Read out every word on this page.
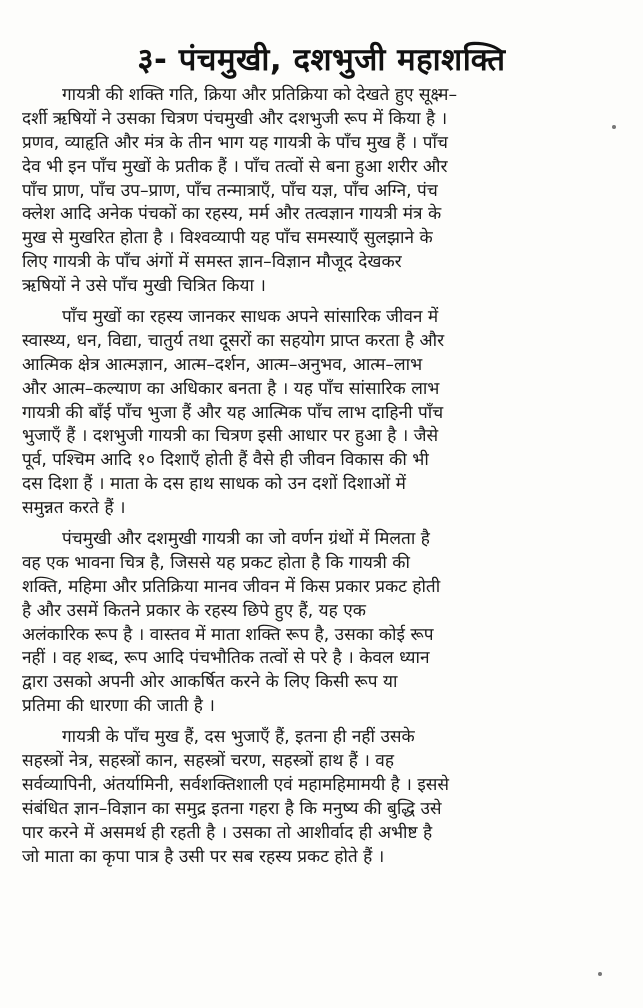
३- पंचमुखी, दशभुजी महाशक्ति
गायत्री की शक्ति गति, क्रिया और प्रतिक्रिया को देखते हुए सूक्ष्म–
दर्शी ऋषियों ने उसका चित्रण पंचमुखी और दशभुजी रूप में किया है ।
प्रणव, व्याहृति और मंत्र के तीन भाग यह गायत्री के पाँच मुख हैं । पाँच
देव भी इन पाँच मुखों के प्रतीक हैं । पाँच तत्वों से बना हुआ शरीर और
पाँच प्राण, पाँच उप–प्राण, पाँच तन्मात्राएँ, पाँच यज्ञ, पाँच अग्नि, पंच
क्लेश आदि अनेक पंचकों का रहस्य, मर्म और तत्वज्ञान गायत्री मंत्र के
मुख से मुखरित होता है । विश्वव्यापी यह पाँच समस्याएँ सुलझाने के
लिए गायत्री के पाँच अंगों में समस्त ज्ञान–विज्ञान मौजूद देखकर
ऋषियों ने उसे पाँच मुखी चित्रित किया ।
पाँच मुखों का रहस्य जानकर साधक अपने सांसारिक जीवन में
स्वास्थ्य, धन, विद्या, चातुर्य तथा दूसरों का सहयोग प्राप्त करता है और
आत्मिक क्षेत्र आत्मज्ञान, आत्म–दर्शन, आत्म–अनुभव, आत्म–लाभ
और आत्म–कल्याण का अधिकार बनता है । यह पाँच सांसारिक लाभ
गायत्री की बाँई पाँच भुजा हैं और यह आत्मिक पाँच लाभ दाहिनी पाँच
भुजाएँ हैं । दशभुजी गायत्री का चित्रण इसी आधार पर हुआ है । जैसे
पूर्व, पश्चिम आदि १० दिशाएँ होती हैं वैसे ही जीवन विकास की भी
दस दिशा हैं । माता के दस हाथ साधक को उन दशों दिशाओं में
समुन्नत करते हैं ।
पंचमुखी और दशमुखी गायत्री का जो वर्णन ग्रंथों में मिलता है
वह एक भावना चित्र है, जिससे यह प्रकट होता है कि गायत्री की
शक्ति, महिमा और प्रतिक्रिया मानव जीवन में किस प्रकार प्रकट होती
है और उसमें कितने प्रकार के रहस्य छिपे हुए हैं, यह एक
अलंकारिक रूप है । वास्तव में माता शक्ति रूप है, उसका कोई रूप
नहीं । वह शब्द, रूप आदि पंचभौतिक तत्वों से परे है । केवल ध्यान
द्वारा उसको अपनी ओर आकर्षित करने के लिए किसी रूप या
प्रतिमा की धारणा की जाती है ।
गायत्री के पाँच मुख हैं, दस भुजाएँ हैं, इतना ही नहीं उसके
सहस्त्रों नेत्र, सहस्त्रों कान, सहस्त्रों चरण, सहस्त्रों हाथ हैं । वह
सर्वव्यापिनी, अंतर्यामिनी, सर्वशक्तिशाली एवं महामहिमामयी है । इससे
संबंधित ज्ञान–विज्ञान का समुद्र इतना गहरा है कि मनुष्य की बुद्धि उसे
पार करने में असमर्थ ही रहती है । उसका तो आशीर्वाद ही अभीष्ट है
जो माता का कृपा पात्र है उसी पर सब रहस्य प्रकट होते हैं ।
